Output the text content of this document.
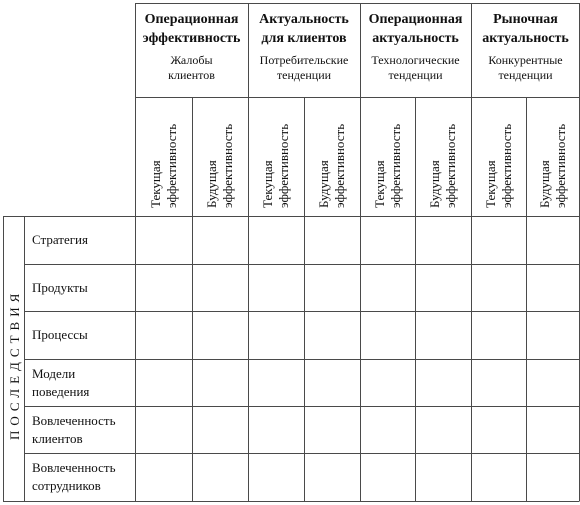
Операционная
эффективность
Жалобы
клиентов
Текущая
эффективность Будущая
эффективность
Актуальность
для клиентов
Потребительские
тенденции
Текущая
эффективность Будущая
эффективность
Операционная
актуальность
Технологические
тенденции
Текущая
эффективность Будущая
эффективность
Рыночная
актуальность
Конкурентные
тенденции
Текущая
эффективность Будущая
эффективность
Стратегия
Продукты
Процессы
Модели
поведения
Вовлеченность
клиентов
Вовлеченность
сотрудников
ПОСЛЕДСТВИЯ
